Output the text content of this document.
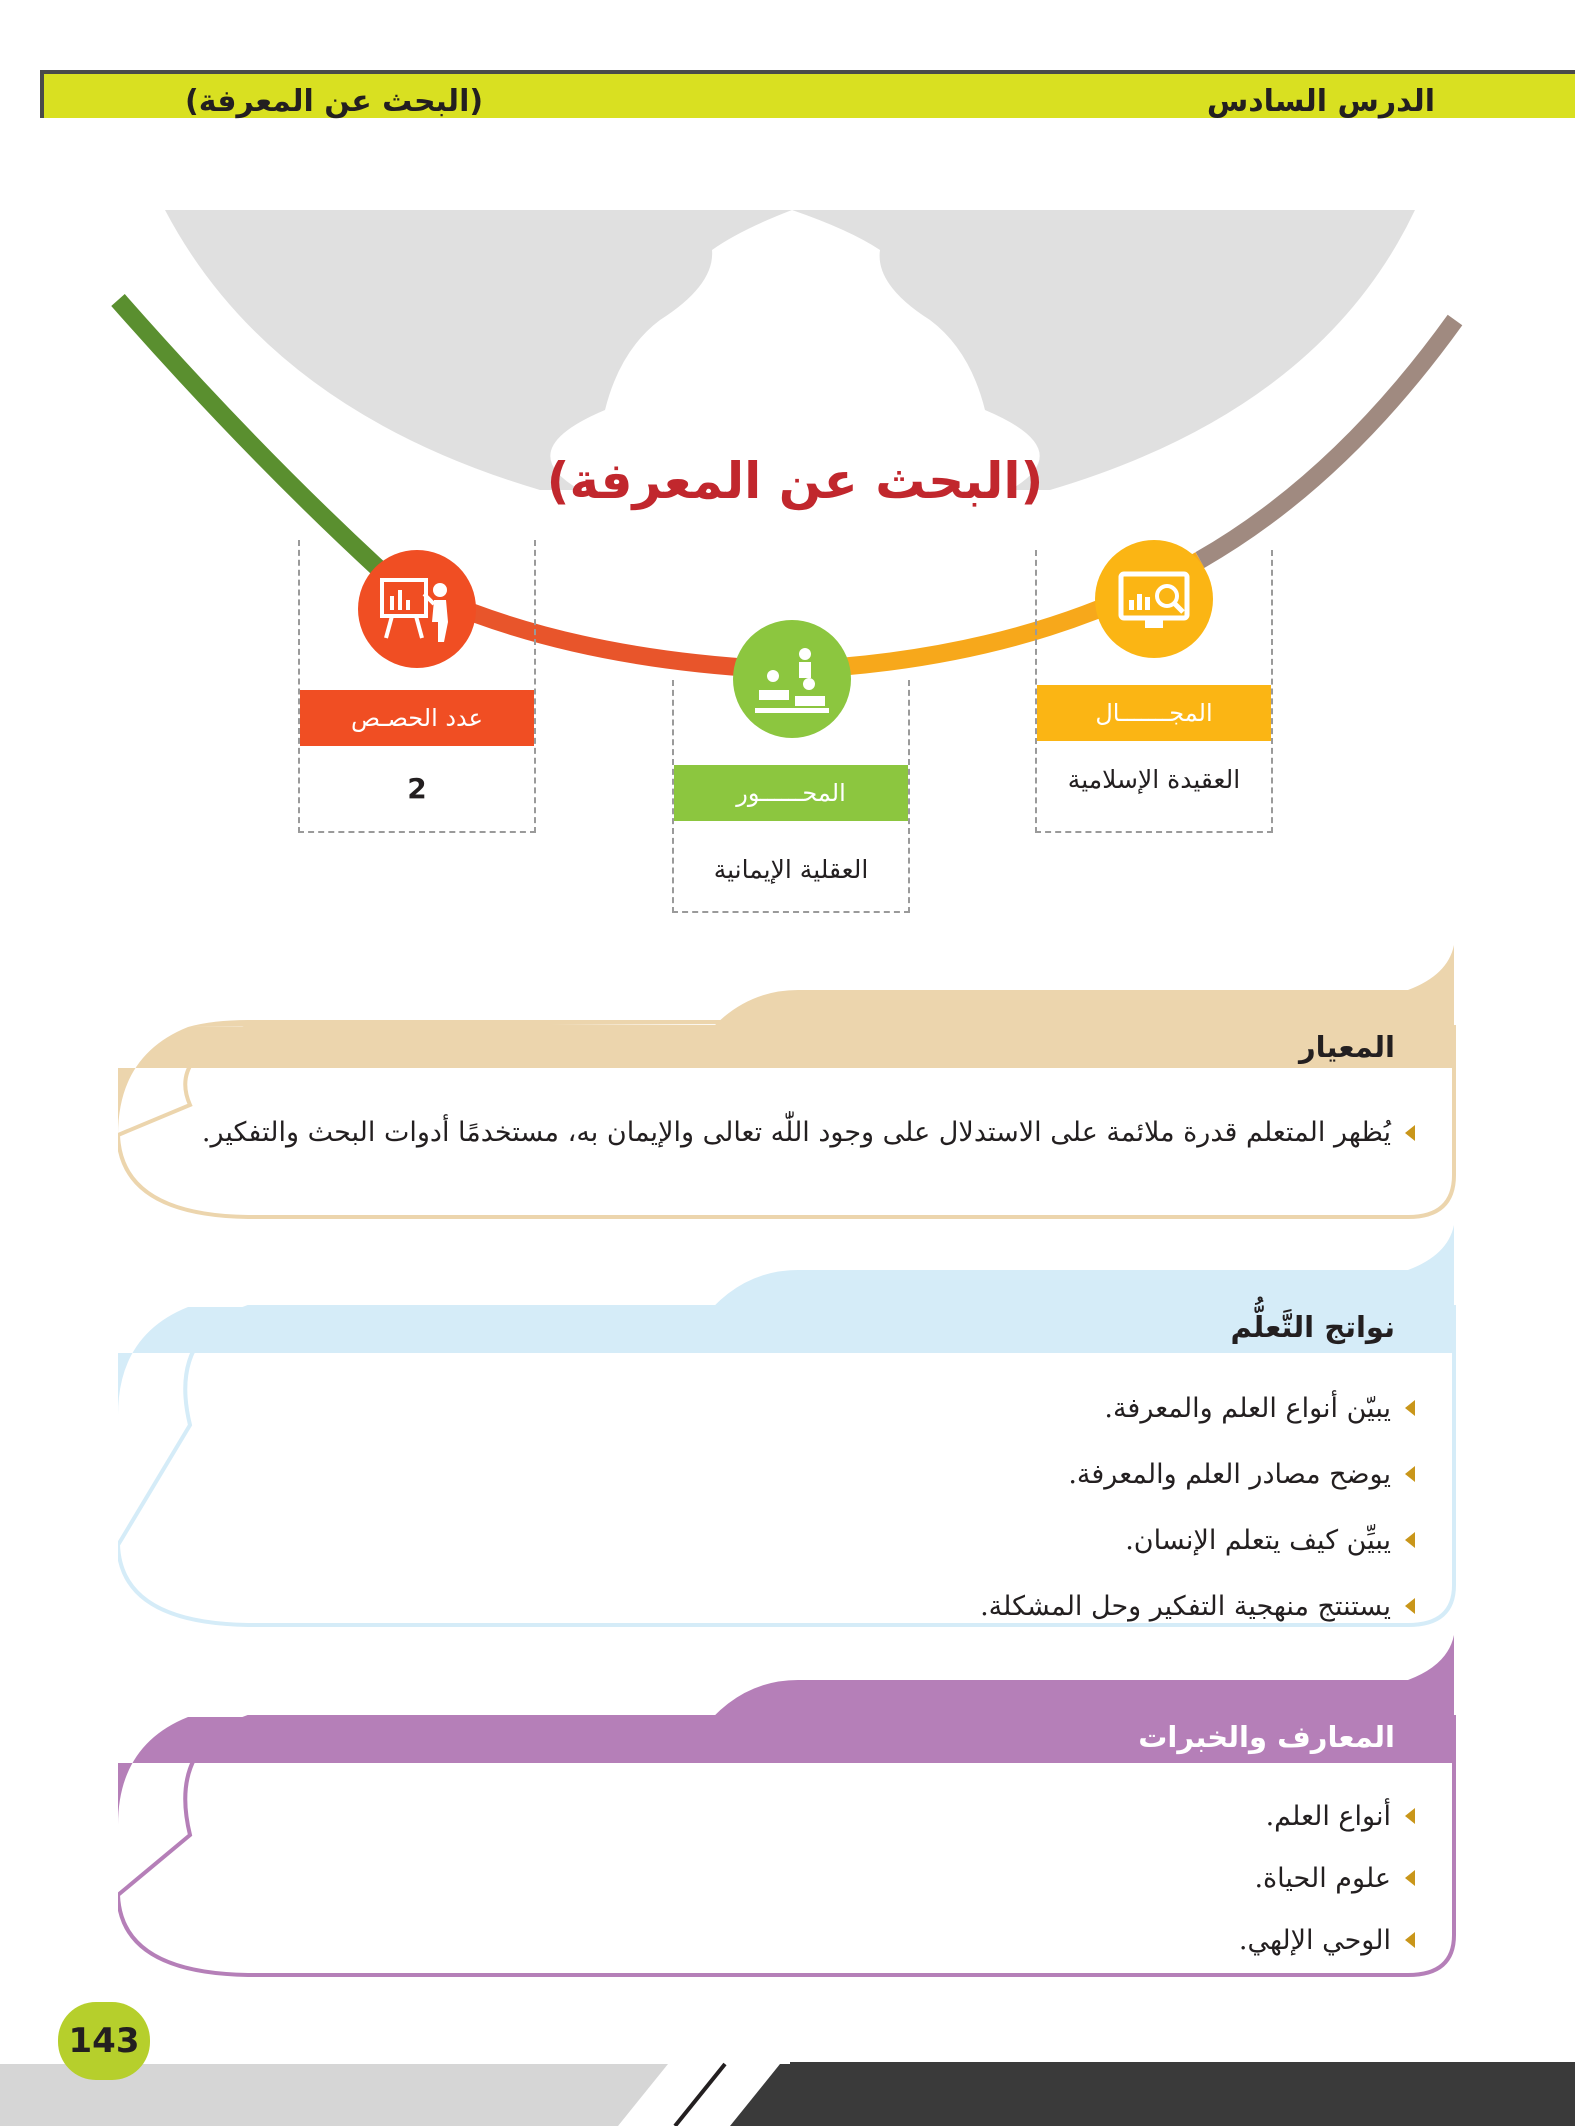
الدرس السادس
(البحث عن المعرفة)
(البحث عن المعرفة)
المجـــــــال
العقيدة الإسلامية
المحــــــور
العقلية الإيمانية
عدد الحصـص
2
المعيار
يُظهر المتعلم قدرة ملائمة على الاستدلال على وجود اللّٰه تعالى والإيمان به، مستخدمًا أدوات البحث والتفكير.
نواتج التَّعلُّم
يبيّن أنواع العلم والمعرفة.
يوضح مصادر العلم والمعرفة.
يبيِّن كيف يتعلم الإنسان.
يستنتج منهجية التفكير وحل المشكلة.
المعارف والخبرات
أنواع العلم.
علوم الحياة.
الوحي الإلهي.
143
